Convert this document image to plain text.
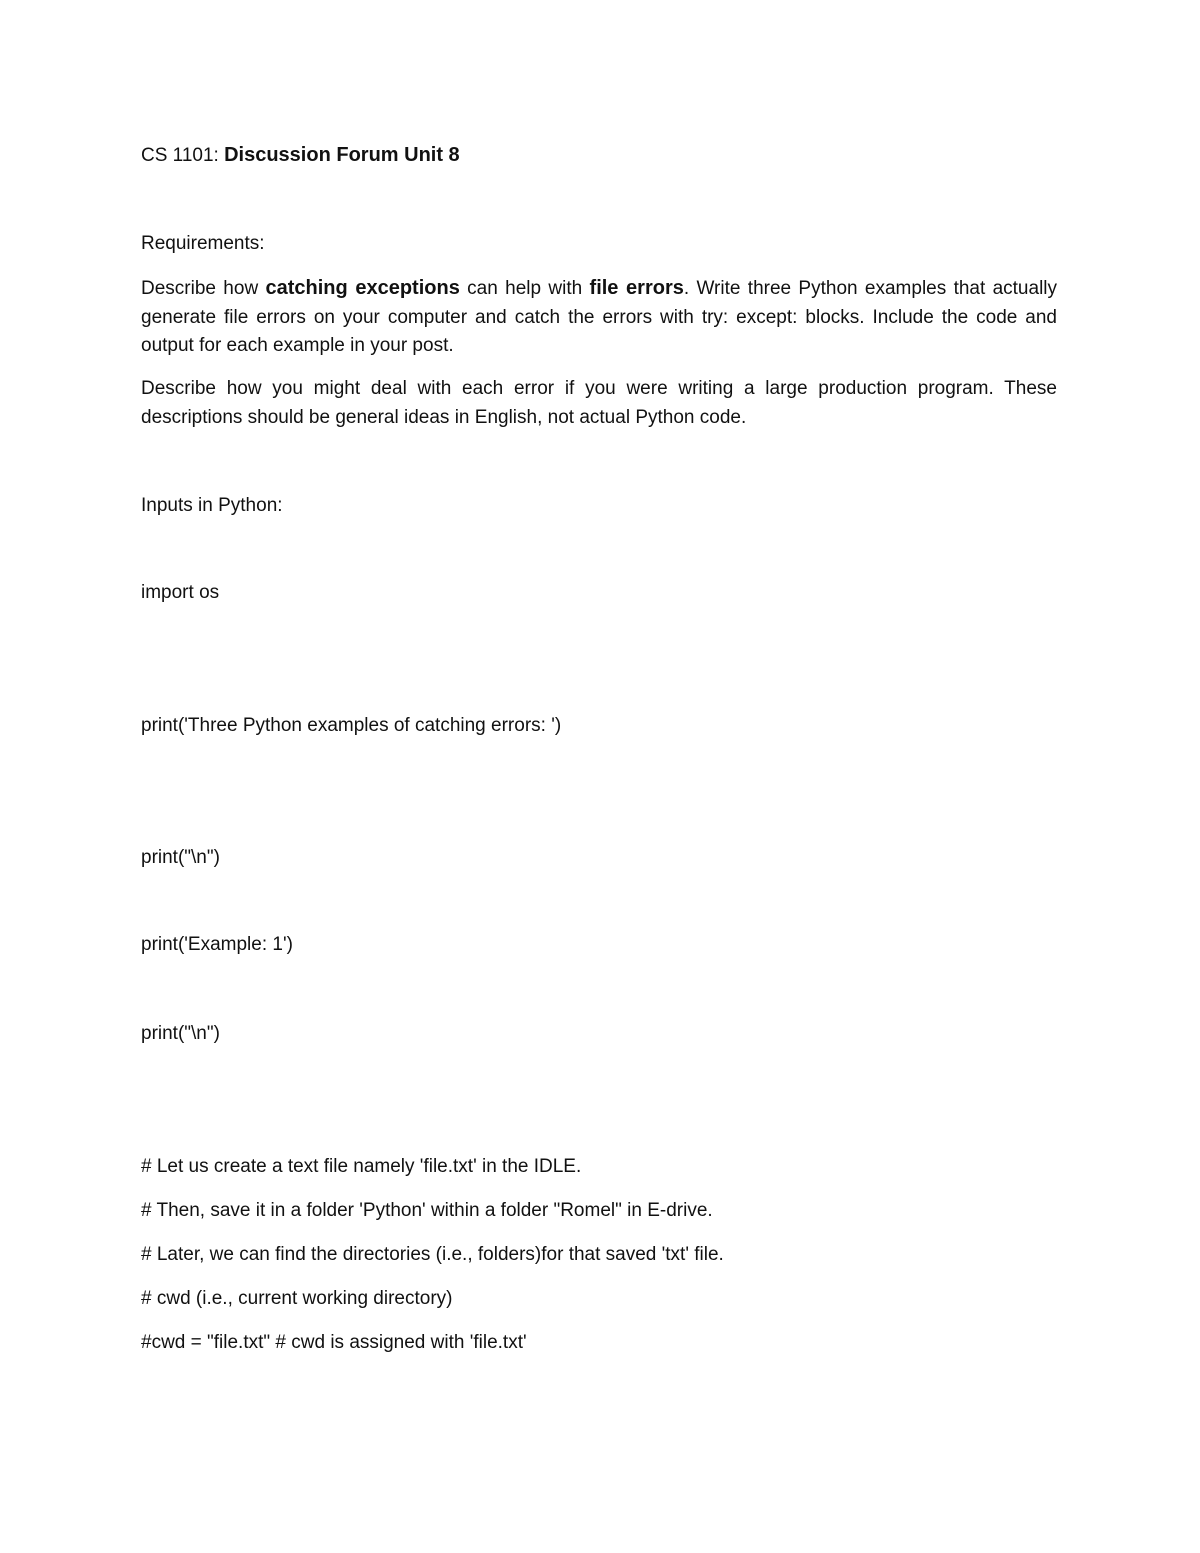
CS 1101: Discussion Forum Unit 8
Requirements:
Describe how catching exceptions can help with file errors. Write three Python examples that actually generate file errors on your computer and catch the errors with try: except: blocks. Include the code and output for each example in your post.
Describe how you might deal with each error if you were writing a large production program. These descriptions should be general ideas in English, not actual Python code.
Inputs in Python:
import os
print('Three Python examples of catching errors: ')
print("\n")
print('Example: 1')
print("\n")
# Let us create a text file namely 'file.txt' in the IDLE.
# Then, save it in a folder 'Python' within a folder "Romel" in E-drive.
# Later, we can find the directories (i.e., folders)for that saved 'txt' file.
# cwd (i.e., current working directory)
#cwd = "file.txt" # cwd is assigned with 'file.txt'
